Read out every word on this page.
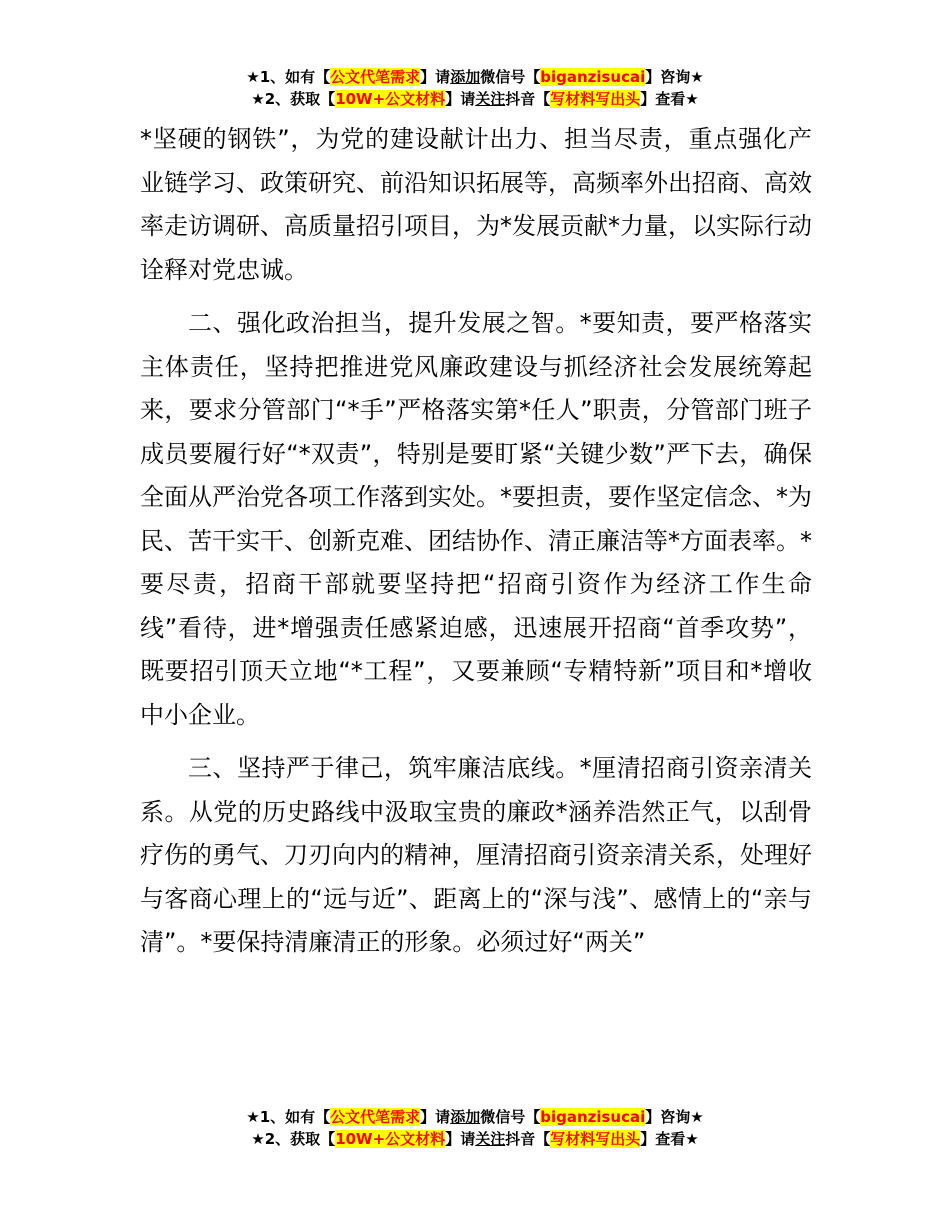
★1、如有【公文代笔需求】请添加微信号【biganzisucai】咨询★
★2、获取【10W+公文材料】请关注抖音【写材料写出头】查看★

*坚硬的钢铁”，为党的建设献计出力、担当尽责，重点强化产业链学习、政策研究、前沿知识拓展等，高频率外出招商、高效率走访调研、高质量招引项目，为*发展贡献*力量，以实际行动诠释对党忠诚。

二、强化政治担当，提升发展之智。*要知责，要严格落实主体责任，坚持把推进党风廉政建设与抓经济社会发展统筹起来，要求分管部门“*手”严格落实第*任人”职责，分管部门班子成员要履行好“*双责”，特别是要盯紧“关键少数”严下去，确保全面从严治党各项工作落到实处。*要担责，要作坚定信念、*为民、苦干实干、创新克难、团结协作、清正廉洁等*方面表率。*要尽责，招商干部就要坚持把“招商引资作为经济工作生命线”看待，进*增强责任感紧迫感，迅速展开招商“首季攻势”，既要招引顶天立地“*工程”，又要兼顾“专精特新”项目和*增收中小企业。

三、坚持严于律己，筑牢廉洁底线。*厘清招商引资亲清关系。从党的历史路线中汲取宝贵的廉政*涵养浩然正气，以刮骨疗伤的勇气、刀刃向内的精神，厘清招商引资亲清关系，处理好与客商心理上的“远与近”、距离上的“深与浅”、感情上的“亲与清”。*要保持清廉清正的形象。必须过好“两关”

★1、如有【公文代笔需求】请添加微信号【biganzisucai】咨询★
★2、获取【10W+公文材料】请关注抖音【写材料写出头】查看★
